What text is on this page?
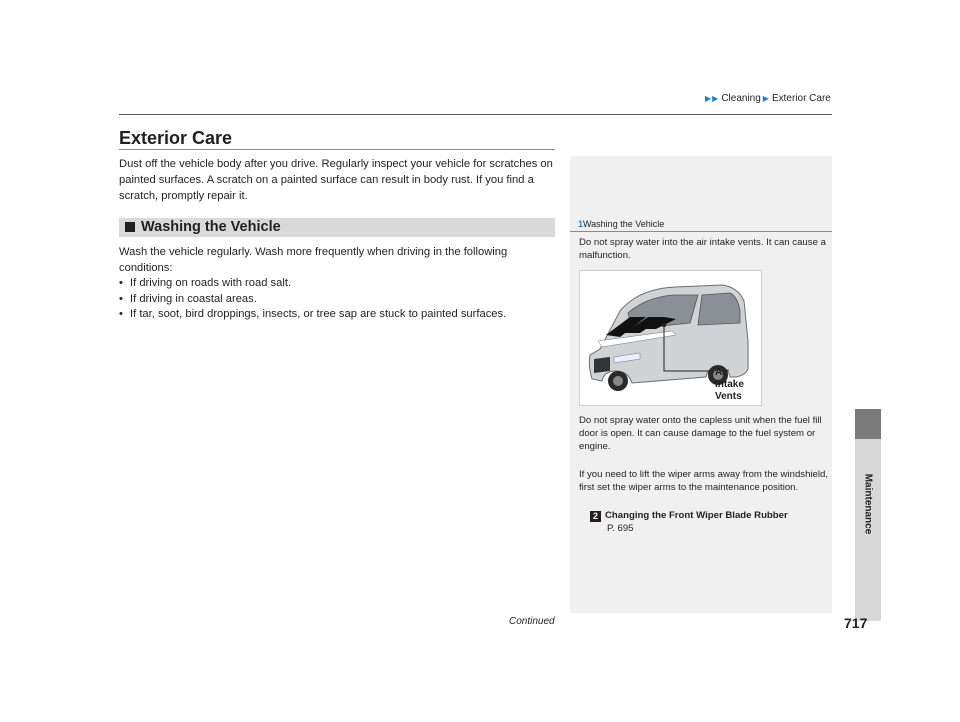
▶▶ Cleaning ▶ Exterior Care
Maintenance
Exterior Care
Dust off the vehicle body after you drive. Regularly inspect your vehicle for scratches on painted surfaces. A scratch on a painted surface can result in body rust. If you find a scratch, promptly repair it.
Washing the Vehicle
Wash the vehicle regularly. Wash more frequently when driving in the following conditions:
• If driving on roads with road salt.
• If driving in coastal areas.
• If tar, soot, bird droppings, insects, or tree sap are stuck to painted surfaces.
1Washing the Vehicle
Do not spray water into the air intake vents. It can cause a malfunction.
Air
Intake
Vents
Do not spray water onto the capless unit when the fuel fill door is open. It can cause damage to the fuel system or engine.
If you need to lift the wiper arms away from the windshield, first set the wiper arms to the maintenance position.
2 Changing the Front Wiper Blade Rubber
P. 695
Continued	717
